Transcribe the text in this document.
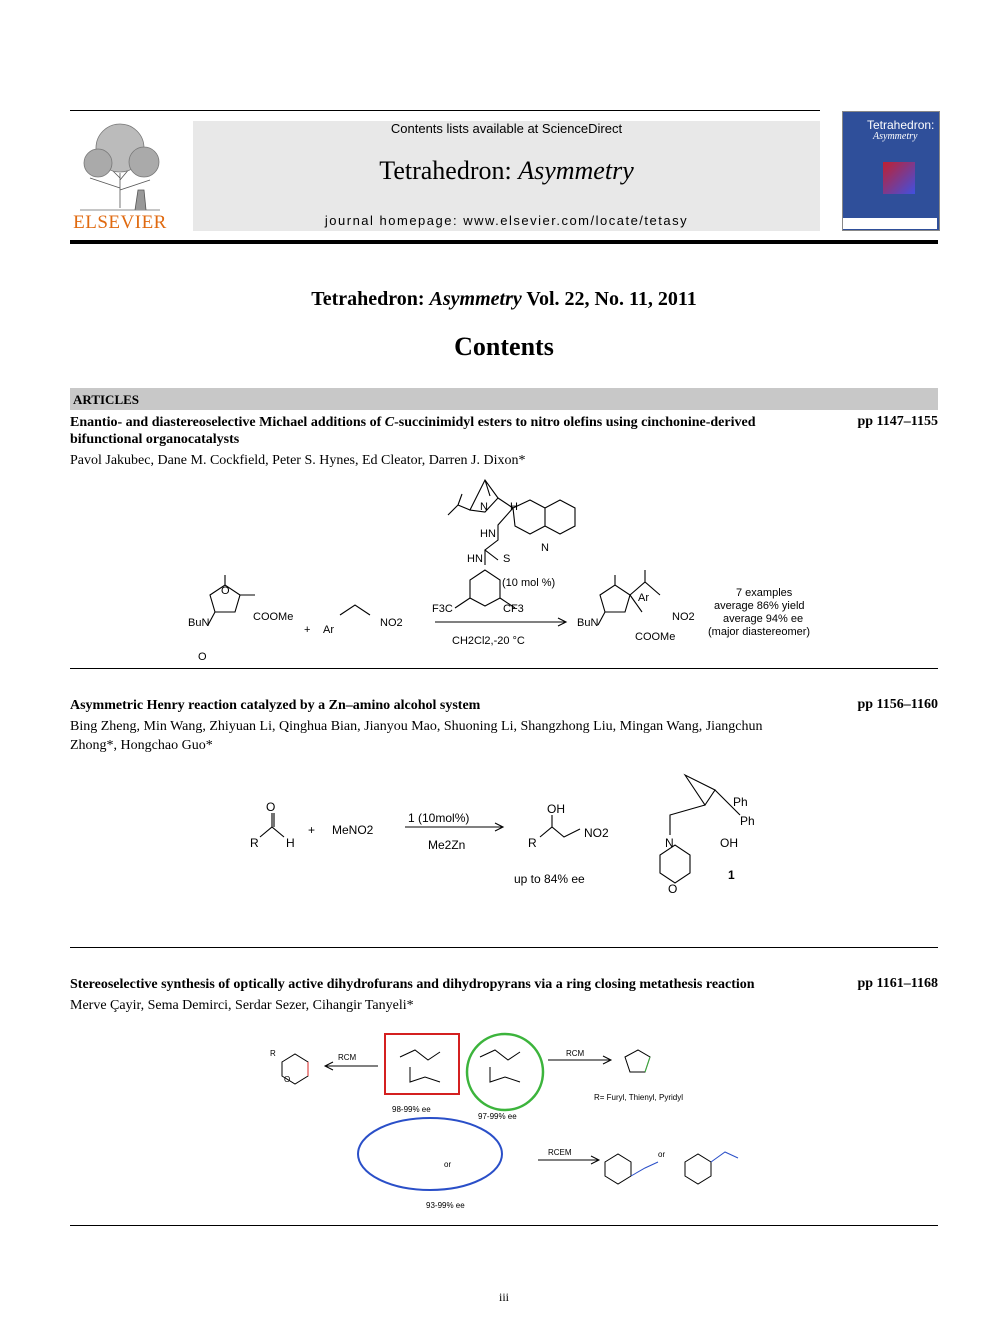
ELSEVIER
Contents lists available at ScienceDirect
Tetrahedron: Asymmetry
journal homepage: www.elsevier.com/locate/tetasy
Tetrahedron:
Asymmetry
Tetrahedron: Asymmetry Vol. 22, No. 11, 2011
Contents
ARTICLES
Enantio- and diastereoselective Michael additions of C-succinimidyl esters to nitro olefins using cinchonine-derived bifunctional organocatalysts
pp 1147–1155
Pavol Jakubec, Dane M. Cockfield, Peter S. Hynes, Ed Cleator, Darren J. Dixon*
N H
HN
HN S
N
F3C	CF3
(10 mol %)
CH2Cl2,-20 °C
BuN
O
O
COOMe
+ Ar
NO2	BuN
Ar
NO2
COOMe
7 examples
average 86% yield
average 94% ee
(major diastereomer)
Asymmetric Henry reaction catalyzed by a Zn–amino alcohol system	pp 1156–1160
Bing Zheng, Min Wang, Zhiyuan Li, Qinghua Bian, Jianyou Mao, Shuoning Li, Shangzhong Liu, Mingan Wang, Jiangchun Zhong*, Hongchao Guo*
O
R H
+ MeNO2
1 (10mol%)
Me2Zn
OH
R
NO2
up to 84% ee
Ph
Ph
OH
N
O
1
Stereoselective synthesis of optically active dihydrofurans and dihydropyrans via a ring closing metathesis reaction	pp 1161–1168
Merve Çayir, Sema Demirci, Serdar Sezer, Cihangir Tanyeli*
R
O
RCM	RCM
RCEM
98-99% ee
97-99% ee
93-99% ee
R= Furyl, Thienyl, Pyridyl
or
or
iii
